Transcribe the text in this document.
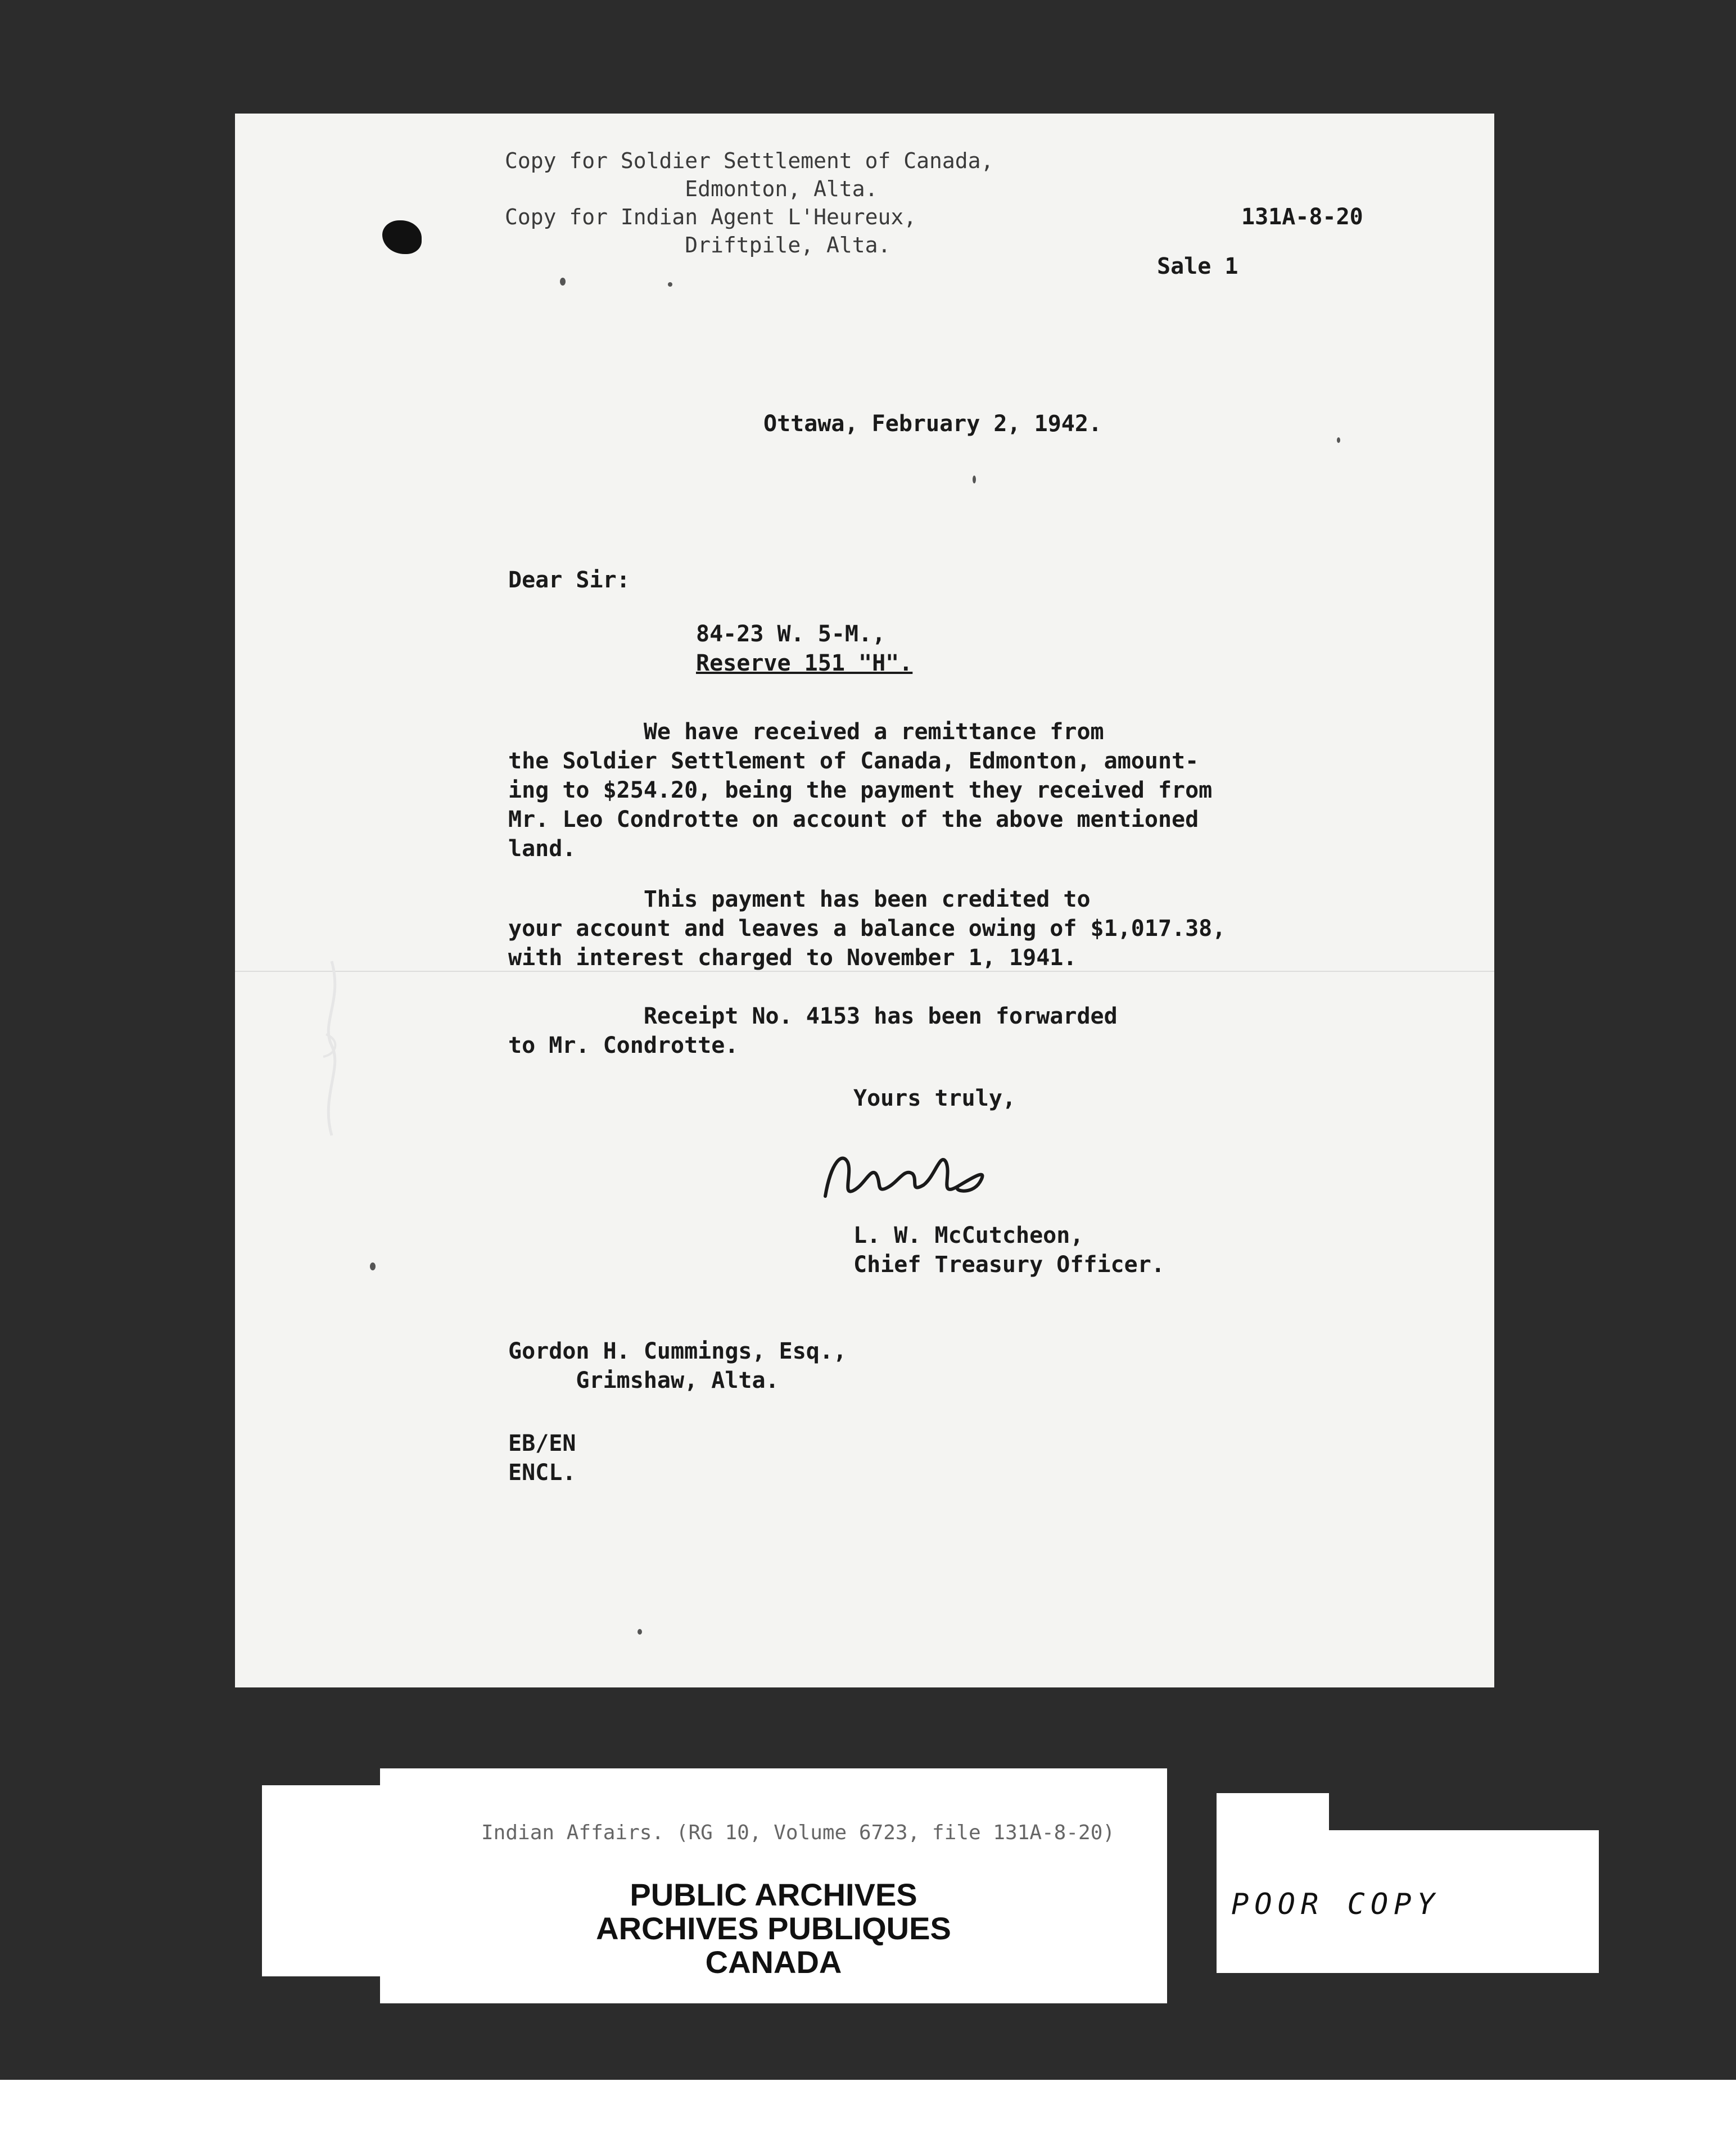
Copy for Soldier Settlement of Canada,
Edmonton, Alta.
Copy for Indian Agent L'Heureux,
Driftpile, Alta.
131A-8-20
Sale 1
Ottawa, February 2, 1942.
Dear Sir:
84-23 W. 5-M.,
Reserve 151 "H".
We have received a remittance from
the Soldier Settlement of Canada, Edmonton, amount-
ing to $254.20, being the payment they received from
Mr. Leo Condrotte on account of the above mentioned
land.
This payment has been credited to
your account and leaves a balance owing of $1,017.38,
with interest charged to November 1, 1941.
Receipt No. 4153 has been forwarded
to Mr. Condrotte.
Yours truly,
L. W. McCutcheon,
Chief Treasury Officer.
Gordon H. Cummings, Esq.,
Grimshaw, Alta.
EB/EN
ENCL.
Indian Affairs. (RG 10, Volume 6723, file 131A-8-20)
PUBLIC ARCHIVES
ARCHIVES PUBLIQUES
CANADA
POOR COPY
